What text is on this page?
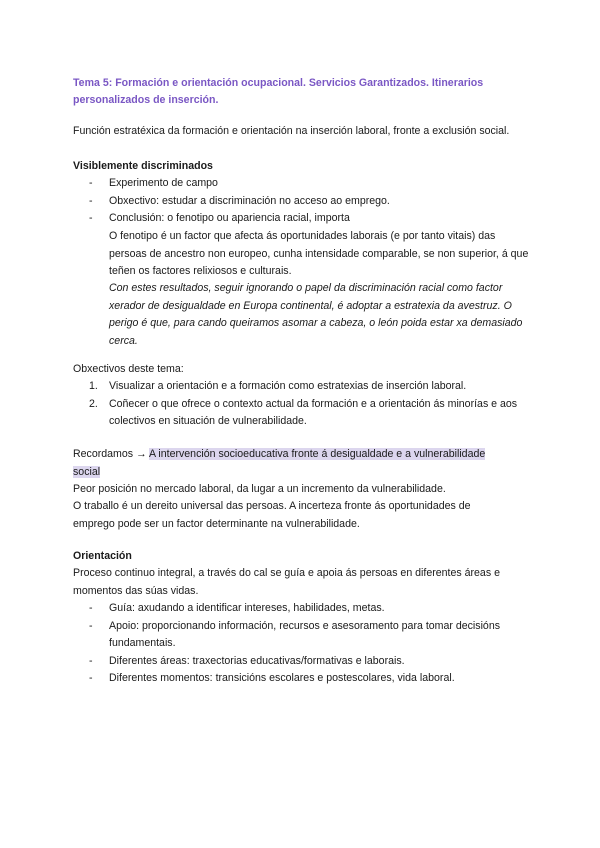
Tema 5: Formación e orientación ocupacional. Servicios Garantizados. Itinerarios personalizados de inserción.

Función estratéxica da formación e orientación na inserción laboral, fronte a exclusión social.

Visiblemente discriminados

- Experimento de campo
- Obxectivo: estudar a discriminación no acceso ao emprego.
- Conclusión: o fenotipo ou apariencia racial, importa

O fenotipo é un factor que afecta ás oportunidades laborais (e por tanto vitais) das persoas de ancestro non europeo, cunha intensidade comparable, se non superior, á que teñen os factores relixiosos e culturais.

Con estes resultados, seguir ignorando o papel da discriminación racial como factor xerador de desigualdade en Europa continental, é adoptar a estratexia da avestruz. O perigo é que, para cando queiramos asomar a cabeza, o león poida estar xa demasiado cerca.

Obxectivos deste tema:

1. Visualizar a orientación e a formación como estratexias de inserción laboral.
2. Coñecer o que ofrece o contexto actual da formación e a orientación ás minorías e aos colectivos en situación de vulnerabilidade.

Recordamos → A intervención socioeducativa fronte á desigualdade e a vulnerabilidade social

Peor posición no mercado laboral, da lugar a un incremento da vulnerabilidade.

O traballo é un dereito universal das persoas. A incerteza fronte ás oportunidades de emprego pode ser un factor determinante na vulnerabilidade.

Orientación

Proceso continuo integral, a través do cal se guía e apoia ás persoas en diferentes áreas e momentos das súas vidas.

- Guía: axudando a identificar intereses, habilidades, metas.
- Apoio: proporcionando información, recursos e asesoramento para tomar decisións fundamentais.
- Diferentes áreas: traxectorias educativas/formativas e laborais.
- Diferentes momentos: transicións escolares e postescolares, vida laboral.
